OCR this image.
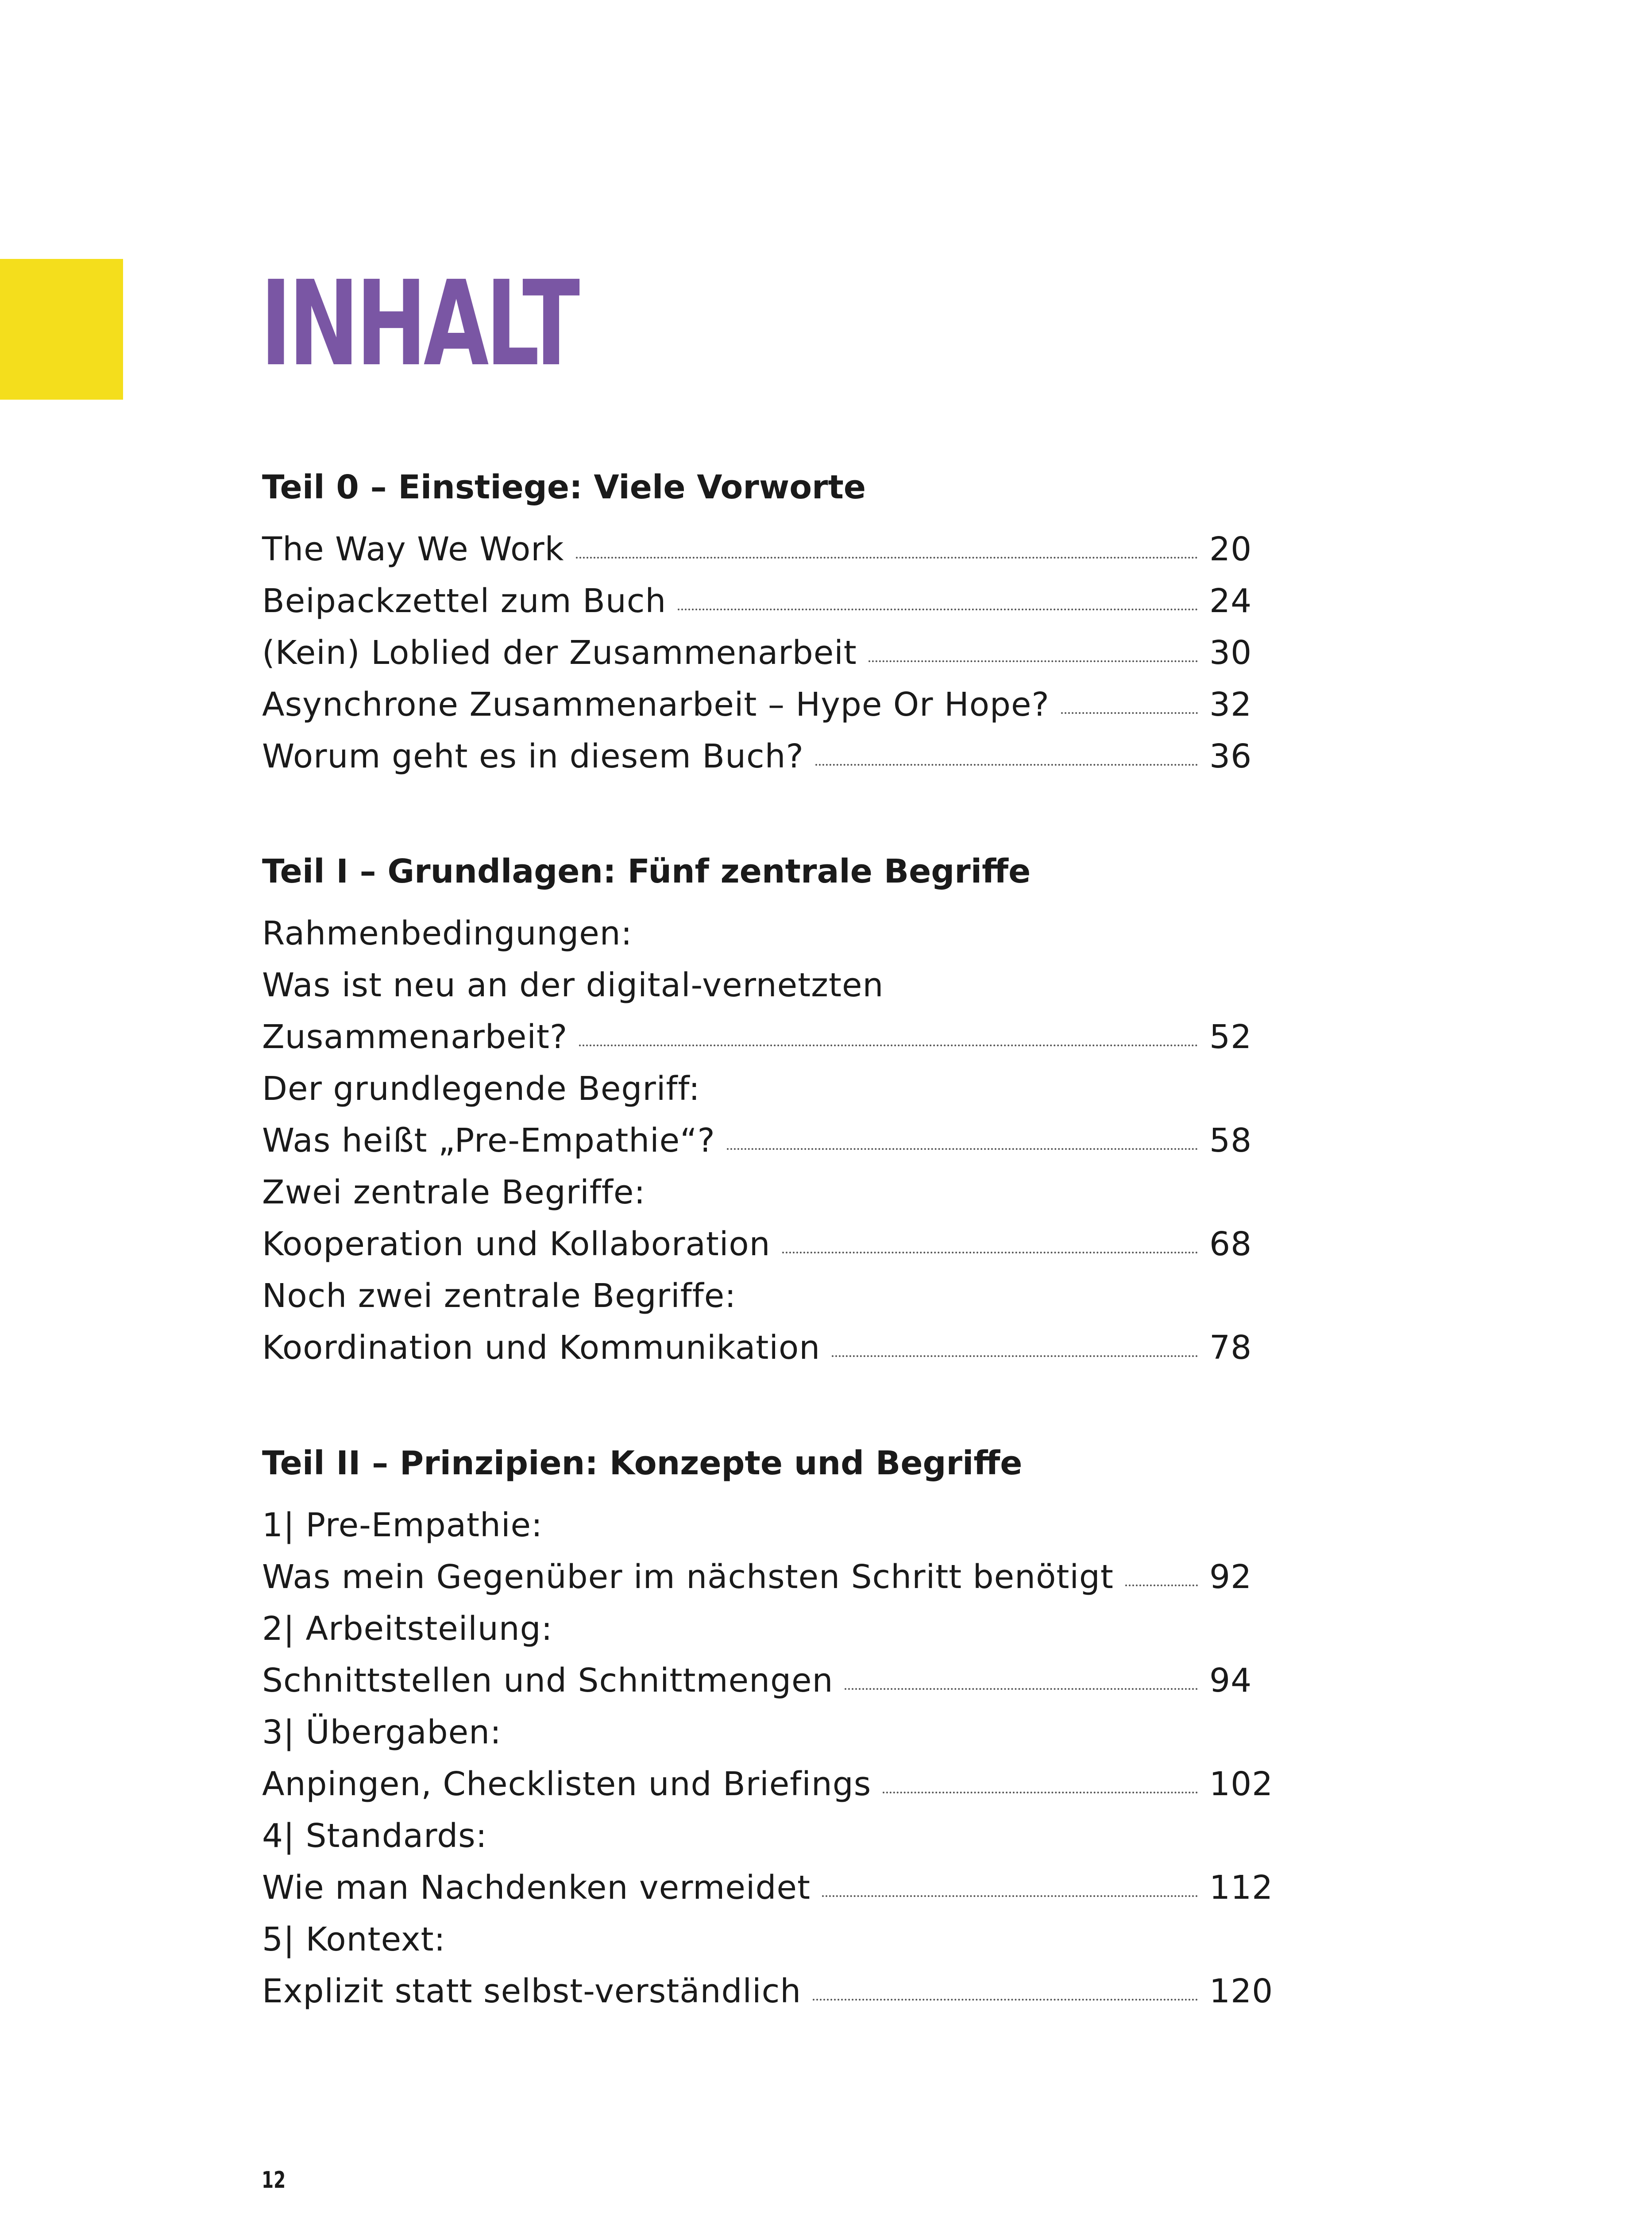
INHALT
Teil 0 – Einstiege: Viele Vorworte
The Way We Work	20
Beipackzettel zum Buch	24
(Kein) Loblied der Zusammenarbeit	30
Asynchrone Zusammenarbeit – Hype Or Hope?	32
Worum geht es in diesem Buch?	36
Teil I – Grundlagen: Fünf zentrale Begriffe
Rahmenbedingungen:
Was ist neu an der digital-vernetzten
Zusammenarbeit?	52
Der grundlegende Begriff:
Was heißt „Pre-Empathie“?	58
Zwei zentrale Begriffe:
Kooperation und Kollaboration	68
Noch zwei zentrale Begriffe:
Koordination und Kommunikation	78
Teil II – Prinzipien: Konzepte und Begriffe
1| Pre-Empathie:
Was mein Gegenüber im nächsten Schritt benötigt	92
2| Arbeitsteilung:
Schnittstellen und Schnittmengen	94
3| Übergaben:
Anpingen, Checklisten und Briefings	102
4| Standards:
Wie man Nachdenken vermeidet	112
5| Kontext:
Explizit statt selbst-verständlich	120
12
